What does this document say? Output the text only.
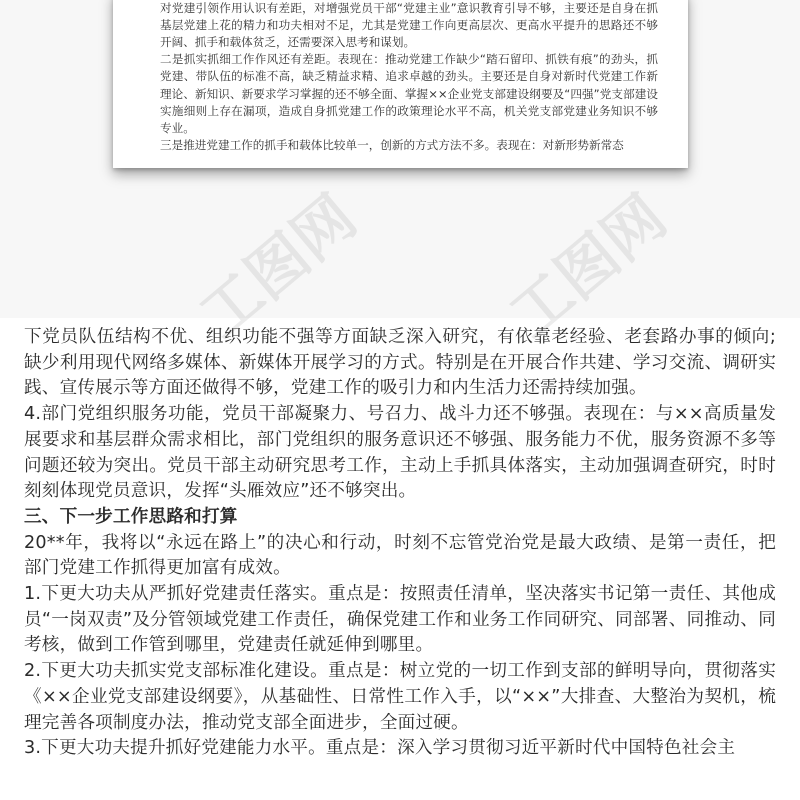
对党建引领作用认识有差距，对增强党员干部“党建主业”意识教育引导不够，主要还是自身在抓基层党建上花的精力和功夫相对不足，尤其是党建工作向更高层次、更高水平提升的思路还不够开阔、抓手和载体贫乏，还需要深入思考和谋划。

二是抓实抓细工作作风还有差距。表现在：推动党建工作缺少“踏石留印、抓铁有痕”的劲头，抓党建、带队伍的标准不高，缺乏精益求精、追求卓越的劲头。主要还是自身对新时代党建工作新理论、新知识、新要求学习掌握的还不够全面、掌握××企业党支部建设纲要及“四强”党支部建设实施细则上存在漏项，造成自身抓党建工作的政策理论水平不高，机关党支部党建业务知识不够专业。

三是推进党建工作的抓手和载体比较单一，创新的方式方法不多。表现在：对新形势新常态

工图网 工图网

下党员队伍结构不优、组织功能不强等方面缺乏深入研究，有依靠老经验、老套路办事的倾向;缺少利用现代网络多媒体、新媒体开展学习的方式。特别是在开展合作共建、学习交流、调研实践、宣传展示等方面还做得不够，党建工作的吸引力和内生活力还需持续加强。

4.部门党组织服务功能，党员干部凝聚力、号召力、战斗力还不够强。表现在：与××高质量发展要求和基层群众需求相比，部门党组织的服务意识还不够强、服务能力不优，服务资源不多等问题还较为突出。党员干部主动研究思考工作，主动上手抓具体落实，主动加强调查研究，时时刻刻体现党员意识，发挥“头雁效应”还不够突出。

三、下一步工作思路和打算

20**年，我将以“永远在路上”的决心和行动，时刻不忘管党治党是最大政绩、是第一责任，把部门党建工作抓得更加富有成效。

1.下更大功夫从严抓好党建责任落实。重点是：按照责任清单，坚决落实书记第一责任、其他成员“一岗双责”及分管领域党建工作责任，确保党建工作和业务工作同研究、同部署、同推动、同考核，做到工作管到哪里，党建责任就延伸到哪里。

2.下更大功夫抓实党支部标准化建设。重点是：树立党的一切工作到支部的鲜明导向，贯彻落实《××企业党支部建设纲要》，从基础性、日常性工作入手，以“××”大排查、大整治为契机，梳理完善各项制度办法，推动党支部全面进步，全面过硬。

3.下更大功夫提升抓好党建能力水平。重点是：深入学习贯彻习近平新时代中国特色社会主
